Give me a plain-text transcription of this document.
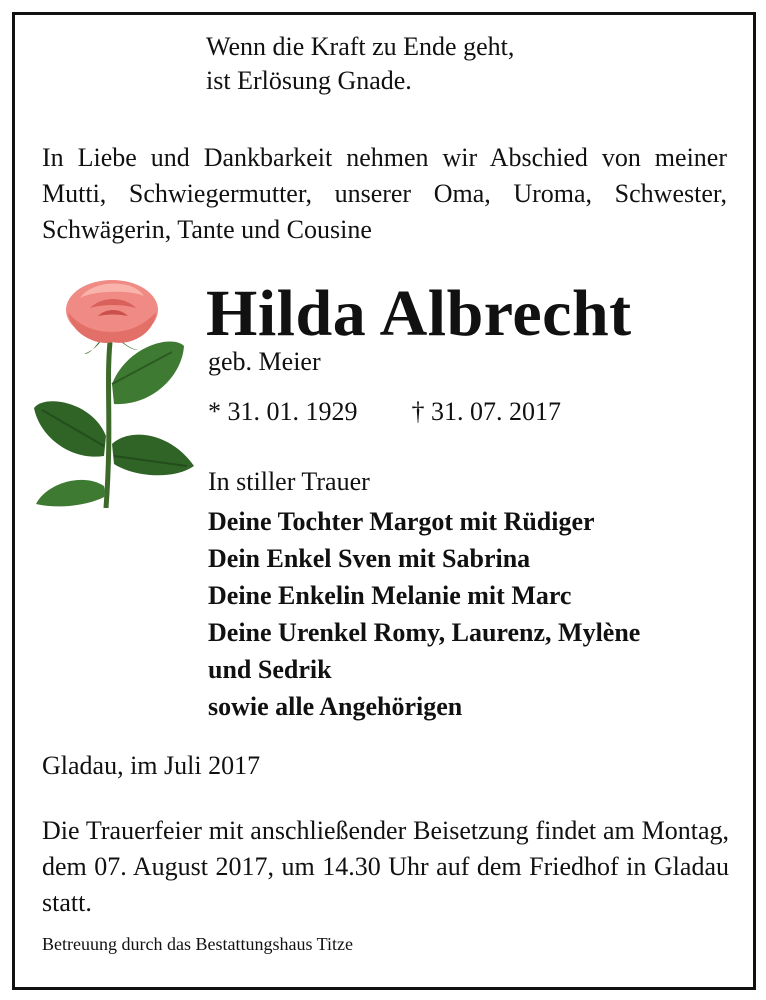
Wenn die Kraft zu Ende geht,
ist Erlösung Gnade.
In Liebe und Dankbarkeit nehmen wir Abschied von meiner Mutti, Schwiegermutter, unserer Oma, Uroma, Schwester, Schwägerin, Tante und Cousine
Hilda Albrecht
geb. Meier
* 31. 01. 1929 † 31. 07. 2017
In stiller Trauer
Deine Tochter Margot mit Rüdiger
Dein Enkel Sven mit Sabrina
Deine Enkelin Melanie mit Marc
Deine Urenkel Romy, Laurenz, Mylène
und Sedrik
sowie alle Angehörigen
Gladau, im Juli 2017
Die Trauerfeier mit anschließender Beisetzung findet am Montag, dem 07. August 2017, um 14.30 Uhr auf dem Friedhof in Gladau statt.
Betreuung durch das Bestattungshaus Titze
